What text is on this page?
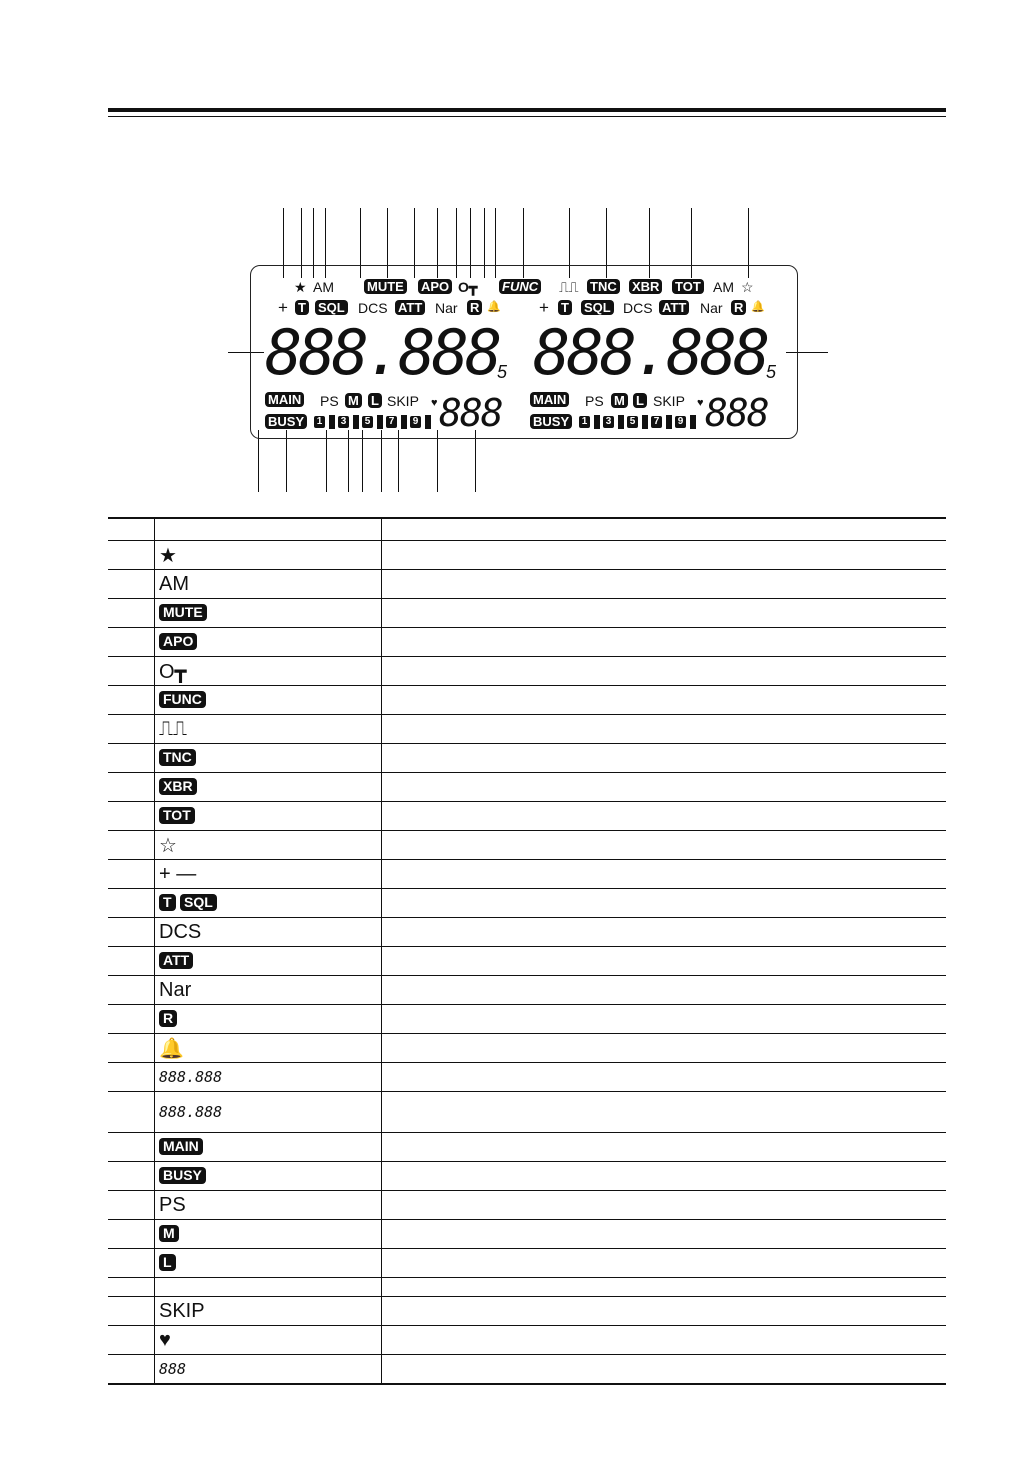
★ AM	MUTE APO O┳ FUNC ⎍⎍ TNC XBR TOT AM ☆
+ T SQL DCS ATT Nar R 🔔 + T SQL DCS ATT Nar R 🔔
888.888
5 888.888 5
MAIN PS M L SKIP ♥ 888
BUSY	1 3 5 7 9
MAIN PS M L SKIP ♥ 888
BUSY	1 3 5 7 9

	★	
	AM	
	MUTE	
	APO	
	O┳	
	FUNC	
	⎍⎍	
	TNC	
	XBR	
	TOT	
	☆	
	+ —	
	T SQL	
	DCS	
	ATT	
	Nar	
	R	
	🔔	
	888.888	
	888.888	
	MAIN	
	BUSY	
	PS	
	M	
	L	

	SKIP	
	♥	
	888	
